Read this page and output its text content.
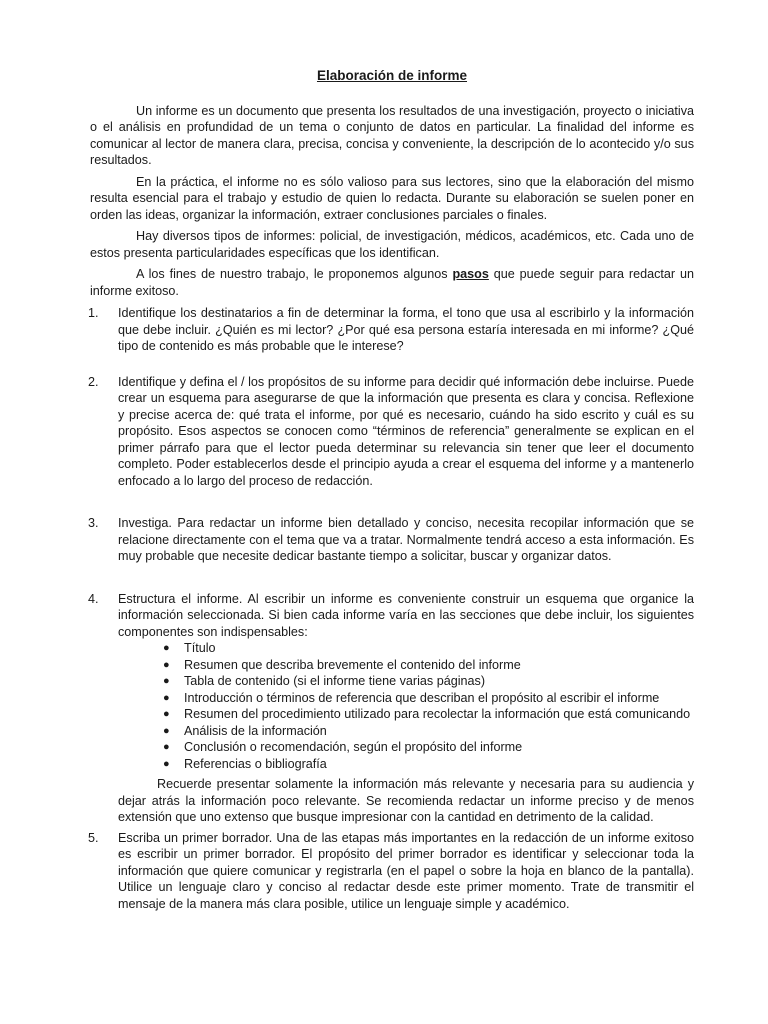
Elaboración de informe

Un informe es un documento que presenta los resultados de una investigación, proyecto o iniciativa o el análisis en profundidad de un tema o conjunto de datos en particular. La finalidad del informe es comunicar al lector de manera clara, precisa, concisa y conveniente, la descripción de lo acontecido y/o sus resultados.

En la práctica, el informe no es sólo valioso para sus lectores, sino que la elaboración del mismo resulta esencial para el trabajo y estudio de quien lo redacta. Durante su elaboración se suelen poner en orden las ideas, organizar la información, extraer conclusiones parciales o finales.

Hay diversos tipos de informes: policial, de investigación, médicos, académicos, etc. Cada uno de estos presenta particularidades específicas que los identifican.

A los fines de nuestro trabajo, le proponemos algunos pasos que puede seguir para redactar un informe exitoso.

1. Identifique los destinatarios a fin de determinar la forma, el tono que usa al escribirlo y la información que debe incluir. ¿Quién es mi lector? ¿Por qué esa persona estaría interesada en mi informe? ¿Qué tipo de contenido es más probable que le interese?
2. Identifique y defina el / los propósitos de su informe para decidir qué información debe incluirse. Puede crear un esquema para asegurarse de que la información que presenta es clara y concisa. Reflexione y precise acerca de: qué trata el informe, por qué es necesario, cuándo ha sido escrito y cuál es su propósito. Esos aspectos se conocen como “términos de referencia” generalmente se explican en el primer párrafo para que el lector pueda determinar su relevancia sin tener que leer el documento completo. Poder establecerlos desde el principio ayuda a crear el esquema del informe y a mantenerlo enfocado a lo largo del proceso de redacción.
3. Investiga. Para redactar un informe bien detallado y conciso, necesita recopilar información que se relacione directamente con el tema que va a tratar. Normalmente tendrá acceso a esta información. Es muy probable que necesite dedicar bastante tiempo a solicitar, buscar y organizar datos.
4. Estructura el informe. Al escribir un informe es conveniente construir un esquema que organice la información seleccionada. Si bien cada informe varía en las secciones que debe incluir, los siguientes componentes son indispensables:
● Título
● Resumen que describa brevemente el contenido del informe
● Tabla de contenido (si el informe tiene varias páginas)
● Introducción o términos de referencia que describan el propósito al escribir el informe
● Resumen del procedimiento utilizado para recolectar la información que está comunicando
● Análisis de la información
● Conclusión o recomendación, según el propósito del informe
● Referencias o bibliografía
Recuerde presentar solamente la información más relevante y necesaria para su audiencia y dejar atrás la información poco relevante. Se recomienda redactar un informe preciso y de menos extensión que uno extenso que busque impresionar con la cantidad en detrimento de la calidad.
5. Escriba un primer borrador. Una de las etapas más importantes en la redacción de un informe exitoso es escribir un primer borrador. El propósito del primer borrador es identificar y seleccionar toda la información que quiere comunicar y registrarla (en el papel o sobre la hoja en blanco de la pantalla). Utilice un lenguaje claro y conciso al redactar desde este primer momento. Trate de transmitir el mensaje de la manera más clara posible, utilice un lenguaje simple y académico.
